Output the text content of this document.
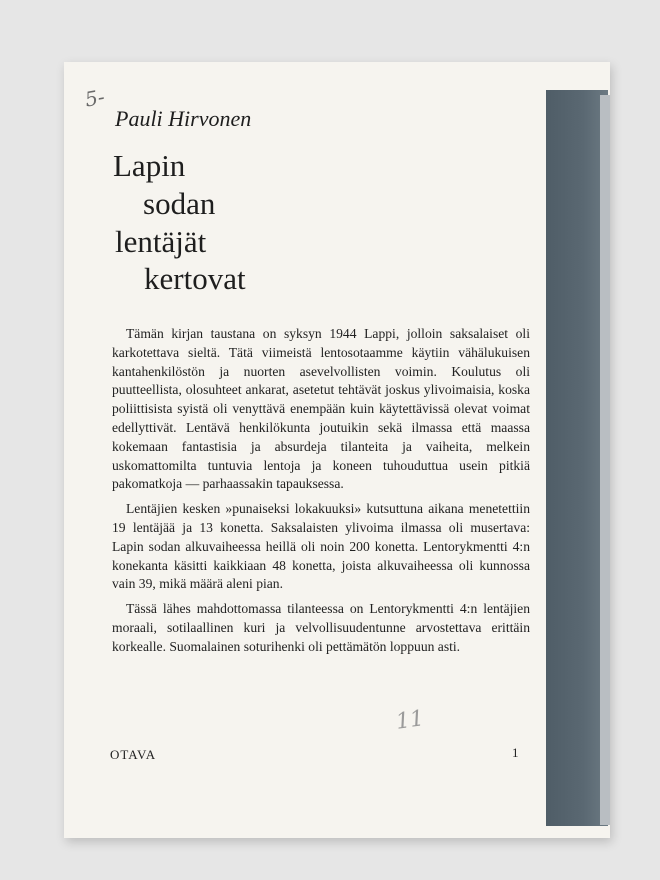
5-
Pauli Hirvonen
Lapin
sodan
lentäjät
kertovat

Tämän kirjan taustana on syksyn 1944 Lappi, jolloin saksalaiset oli karkotettava sieltä. Tätä viimeistä lentosotaamme käytiin vähälukuisen kantahenkilöstön ja nuorten asevelvollisten voimin. Koulutus oli puutteellista, olosuhteet ankarat, asetetut tehtävät joskus ylivoimaisia, koska poliittisista syistä oli venyttävä enempään kuin käytettävissä olevat voimat edellyttivät. Lentävä henkilökunta joutuikin sekä ilmassa että maassa kokemaan fantastisia ja absurdeja tilanteita ja vaiheita, melkein uskomattomilta tuntuvia lentoja ja koneen tuhouduttua usein pitkiä pakomatkoja — parhaassakin tapauksessa.

Lentäjien kesken »punaiseksi lokakuuksi» kutsuttuna aikana menetettiin 19 lentäjää ja 13 konetta. Saksalaisten ylivoima ilmassa oli musertava: Lapin sodan alkuvaiheessa heillä oli noin 200 konetta. Lentorykmentti 4:n konekanta käsitti kaikkiaan 48 konetta, joista alkuvaiheessa oli kunnossa vain 39, mikä määrä aleni pian.

Tässä lähes mahdottomassa tilanteessa on Lentorykmentti 4:n lentäjien moraali, sotilaallinen kuri ja velvollisuudentunne arvostettava erittäin korkealle. Suomalainen soturihenki oli pettämätön loppuun asti.

11
OTAVA	1
